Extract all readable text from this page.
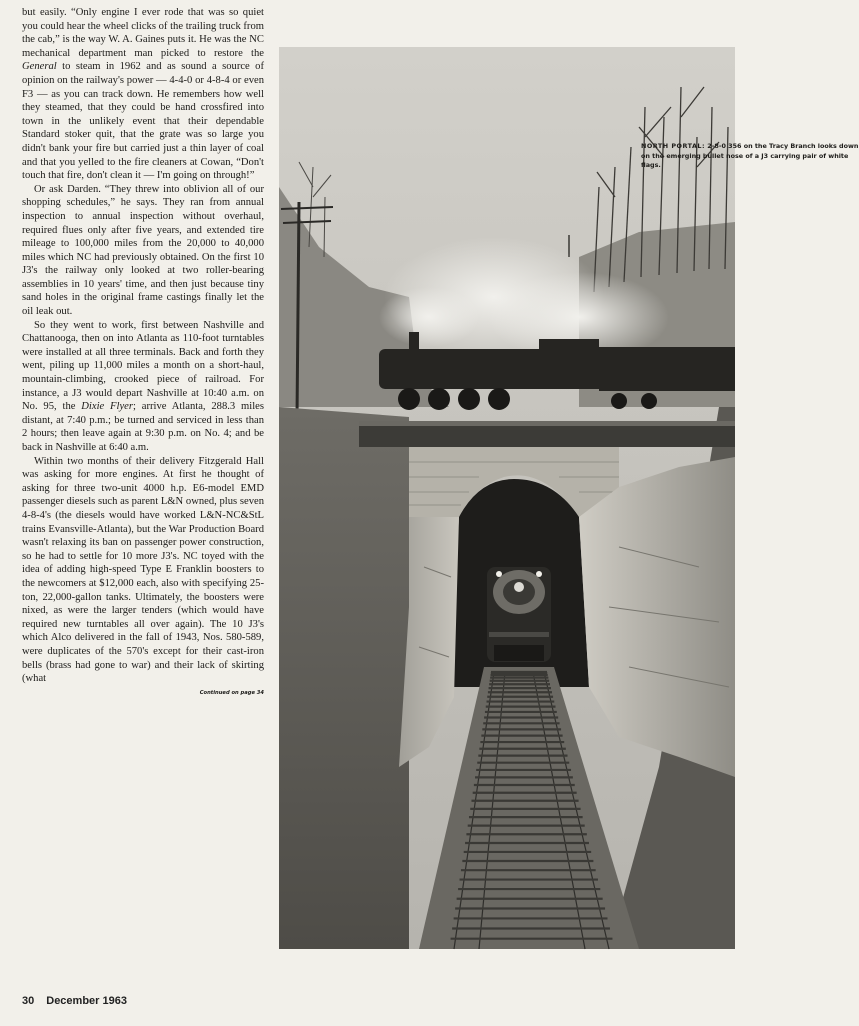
but easily. “Only engine I ever rode that was so quiet you could hear the wheel clicks of the trailing truck from the cab,” is the way W. A. Gaines puts it. He was the NC mechanical department man picked to restore the General to steam in 1962 and as sound a source of opinion on the railway's power — 4-4-0 or 4-8-4 or even F3 — as you can track down. He remembers how well they steamed, that they could be hand crossfired into town in the unlikely event that their dependable Standard stoker quit, that the grate was so large you didn't bank your fire but carried just a thin layer of coal and that you yelled to the fire cleaners at Cowan, “Don't touch that fire, don't clean it — I'm going on through!”

Or ask Darden. “They threw into oblivion all of our shopping schedules,” he says. They ran from annual inspection to annual inspection without overhaul, required flues only after five years, and extended tire mileage to 100,000 miles from the 20,000 to 40,000 miles which NC had previously obtained. On the first 10 J3's the railway only looked at two roller-bearing assemblies in 10 years' time, and then just because tiny sand holes in the original frame castings finally let the oil leak out.

So they went to work, first between Nashville and Chattanooga, then on into Atlanta as 110-foot turntables were installed at all three terminals. Back and forth they went, piling up 11,000 miles a month on a short-haul, mountain-climbing, crooked piece of railroad. For instance, a J3 would depart Nashville at 10:40 a.m. on No. 95, the Dixie Flyer; arrive Atlanta, 288.3 miles distant, at 7:40 p.m.; be turned and serviced in less than 2 hours; then leave again at 9:30 p.m. on No. 4; and be back in Nashville at 6:40 a.m.

Within two months of their delivery Fitzgerald Hall was asking for more engines. At first he thought of asking for three two-unit 4000 h.p. E6-model EMD passenger diesels such as parent L&N owned, plus seven 4-8-4's (the diesels would have worked L&N-NC&StL trains Evansville-Atlanta), but the War Production Board wasn't relaxing its ban on passenger power construction, so he had to settle for 10 more J3's. NC toyed with the idea of adding high-speed Type E Franklin boosters to the newcomers at $12,000 each, also with specifying 25-ton, 22,000-gallon tanks. Ultimately, the boosters were nixed, as were the larger tenders (which would have required new turntables all over again). The 10 J3's which Alco delivered in the fall of 1943, Nos. 580-589, were duplicates of the 570's except for their cast-iron bells (brass had gone to war) and their lack of skirting (what

Continued on page 34
30 December 1963
NORTH PORTAL: 2-8-0 356 on the Tracy Branch looks down on the emerging bullet nose of a J3 carrying pair of white flags.
